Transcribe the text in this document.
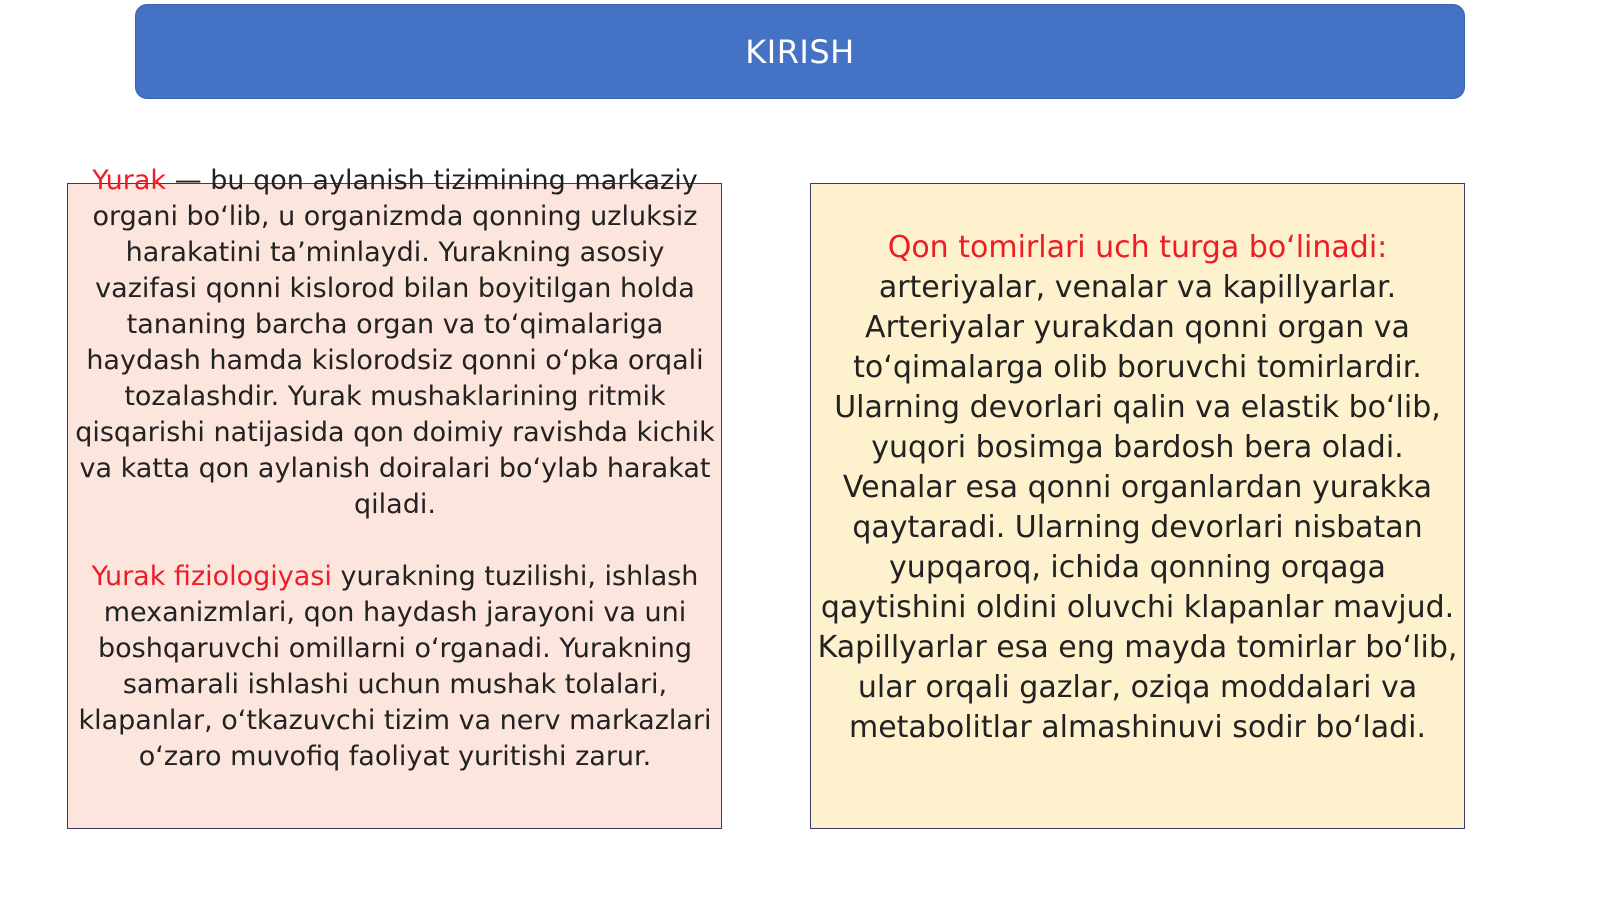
KIRISH

Yurak — bu qon aylanish tizimining markaziy organi bo‘lib, u organizmda qonning uzluksiz harakatini ta’minlaydi. Yurakning asosiy vazifasi qonni kislorod bilan boyitilgan holda tananing barcha organ va to‘qimalariga haydash hamda kislorodsiz qonni o‘pka orqali tozalashdir. Yurak mushaklarining ritmik qisqarishi natijasida qon doimiy ravishda kichik va katta qon aylanish doiralari bo‘ylab harakat qiladi.

Yurak fiziologiyasi yurakning tuzilishi, ishlash mexanizmlari, qon haydash jarayoni va uni boshqaruvchi omillarni o‘rganadi. Yurakning samarali ishlashi uchun mushak tolalari, klapanlar, o‘tkazuvchi tizim va nerv markazlari o‘zaro muvofiq faoliyat yuritishi zarur.

Qon tomirlari uch turga bo‘linadi: arteriyalar, venalar va kapillyarlar. Arteriyalar yurakdan qonni organ va to‘qimalarga olib boruvchi tomirlardir. Ularning devorlari qalin va elastik bo‘lib, yuqori bosimga bardosh bera oladi. Venalar esa qonni organlardan yurakka qaytaradi. Ularning devorlari nisbatan yupqaroq, ichida qonning orqaga qaytishini oldini oluvchi klapanlar mavjud. Kapillyarlar esa eng mayda tomirlar bo‘lib, ular orqali gazlar, oziqa moddalari va metabolitlar almashinuvi sodir bo‘ladi.
